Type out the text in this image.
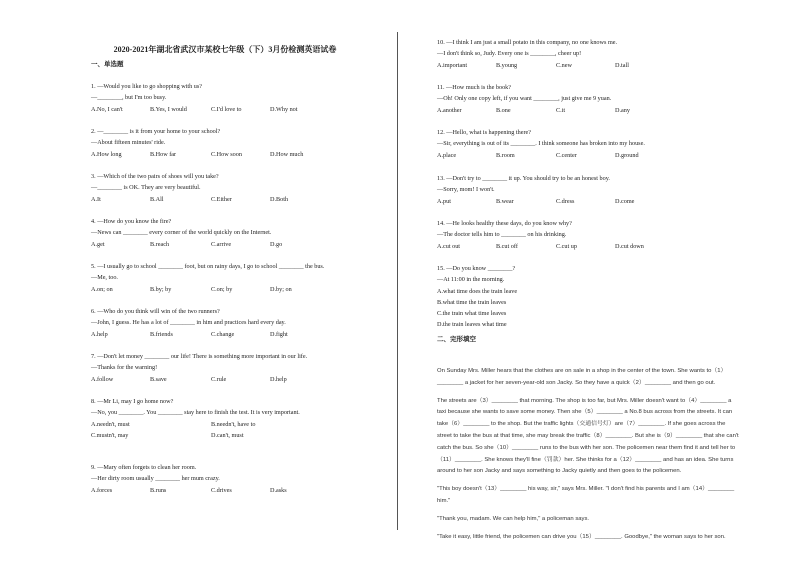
2020-2021年湖北省武汉市某校七年级（下）3月份检测英语试卷
一、单选题
1. —Would you like to go shopping with us?
—________, but I'm too busy.
A.No, I can't	B.Yes, I would	C.I'd love to	D.Why not
2. —________ is it from your home to your school?
—About fifteen minutes' ride.
A.How long	B.How far	C.How soon	D.How much
3. —Which of the two pairs of shoes will you take?
—________ is OK. They are very beautiful.
A.It	B.All	C.Either	D.Both
4. —How do you know the fire?
—News can ________ every corner of the world quickly on the Internet.
A.get	B.reach	C.arrive	D.go
5. —I usually go to school ________ foot, but on rainy days, I go to school ________ the bus.
—Me, too.
A.on; on	B.by; by	C.on; by	D.by; on
6. —Who do you think will win of the two runners?
—John, I guess. He has a lot of ________ in him and practices hard every day.
A.help	B.friends	C.change	D.fight
7. —Don't let money ________ our life! There is something more important in our life.
—Thanks for the warning!
A.follow	B.save	C.rule	D.help
8. —Mr Li, may I go home now?
—No, you ________. You ________ stay here to finish the test. It is very important.
A.needn't, must	B.needn't, have to
C.mustn't, may	D.can't, must
9. —Mary often forgets to clean her room.
—Her dirty room usually ________ her mum crazy.
A.forces	B.runs	C.drives	D.asks
10. —I think I am just a small potato in this company, no one knows me.
—I don't think so, Judy. Every one is ________, cheer up!
A.important	B.young	C.new	D.tall
11. —How much is the book?
—Oh! Only one copy left, if you want ________, just give me 9 yuan.
A.another	B.one	C.it	D.any
12. —Hello, what is happening there?
—Sir, everything is out of its ________. I think someone has broken into my house.
A.place	B.room	C.center	D.ground
13. —Don't try to ________ it up. You should try to be an honest boy.
—Sorry, mom! I won't.
A.put	B.wear	C.dress	D.come
14. —He looks healthy these days, do you know why?
—The doctor tells him to ________ on his drinking.
A.cut out	B.cut off	C.cut up	D.cut down
15. —Do you know ________?
—At 11:00 in the morning.
A.what time does the train leave
B.what time the train leaves
C.the train what time leaves
D.the train leaves what time
二、完形填空
On Sunday Mrs. Miller hears that the clothes are on sale in a shop in the center of the town. She wants to（1）
________ a jacket for her seven-year-old son Jacky. So they have a quick（2）________ and then go out.
The streets are（3）________ that morning. The shop is too far, but Mrs. Miller doesn't want to（4）________ a
taxi because she wants to save some money. Then she（5）________ a No.8 bus across from the streets. It can
take（6）________ to the shop. But the traffic lights（交通信号灯）are（7）________. If she goes across the
street to take the bus at that time, she may break the traffic（8）________. But she is（9）________ that she can't
catch the bus. So she（10）________ runs to the bus with her son. The policemen near them find it and tell her to
（11）________. She knows they'll fine（罚款）her. She thinks for a（12）________ and has an idea. She turns
around to her son Jacky and says something to Jacky quietly and then goes to the policemen.
"This boy doesn't（13）________ his way, sir," says Mrs. Miller. "I don't find his parents and I am（14）________
him."
"Thank you, madam. We can help him," a policeman says.
"Take it easy, little friend, the policemen can drive you（15）________. Goodbye," the woman says to her son.
